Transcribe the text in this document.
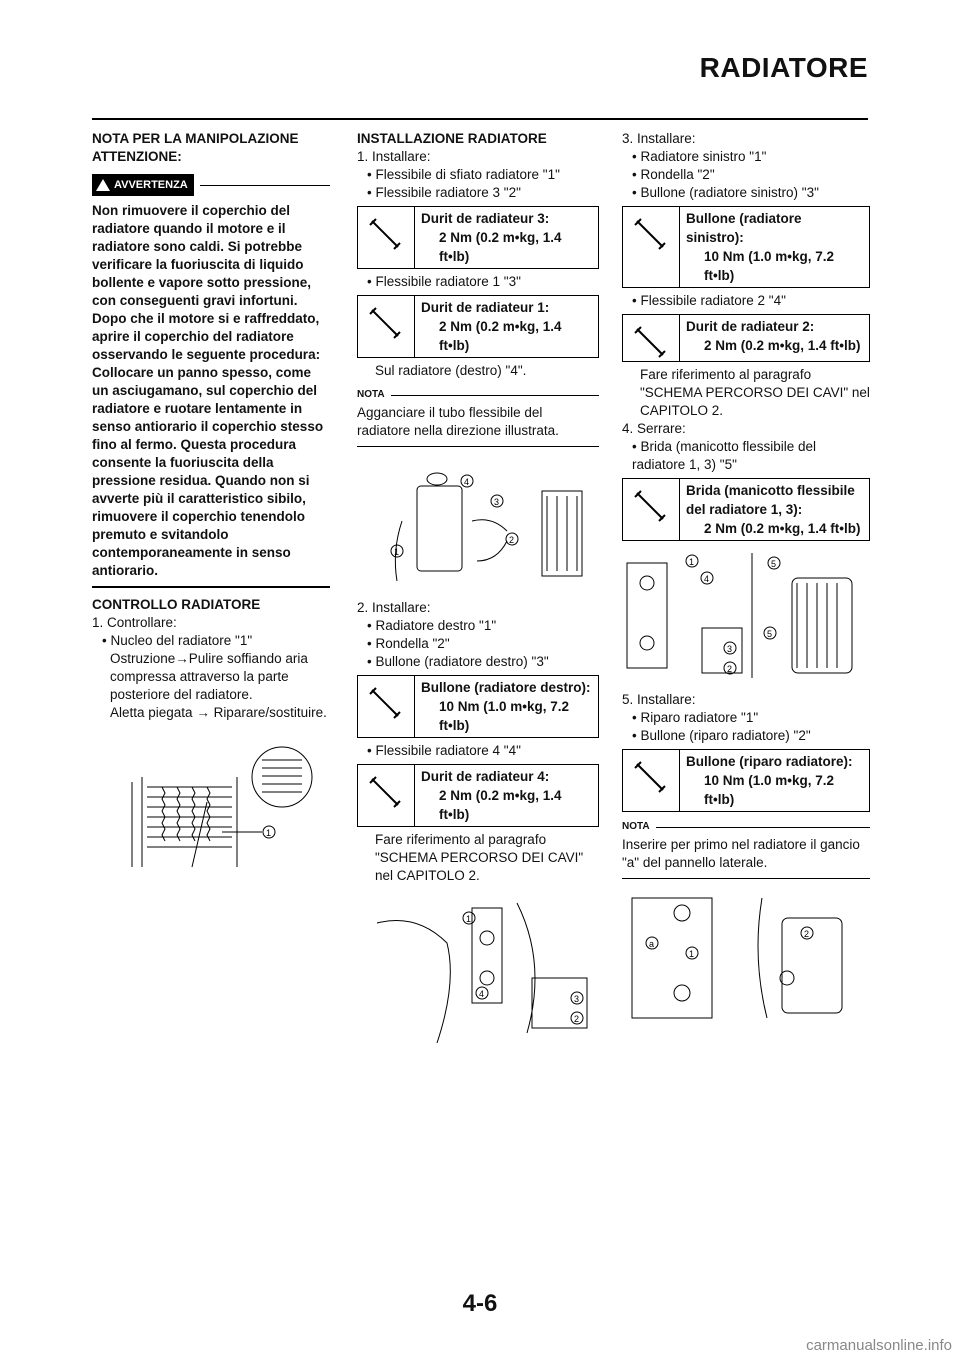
RADIATORE
NOTA PER LA MANIPOLAZIONE ATTENZIONE:
AVVERTENZA
Non rimuovere il coperchio del radiatore quando il motore e il radiatore sono caldi. Si potrebbe verificare la fuoriuscita di liquido bollente e vapore sotto pressione, con conseguenti gravi infortuni. Dopo che il motore si e raffreddato, aprire il coperchio del radiatore osservando le seguente procedura: Collocare un panno spesso, come un asciugamano, sul coperchio del radiatore e ruotare lentamente in senso antiorario il coperchio stesso fino al fermo. Questa procedura consente la fuoriuscita della pressione residua. Quando non si avverte più il caratteristico sibilo, rimuovere il coperchio tenendolo premuto e svitandolo contemporaneamente in senso antiorario.
CONTROLLO RADIATORE
1. Controllare:
• Nucleo del radiatore "1"
Ostruzione→Pulire soffiando aria compressa attraverso la parte posteriore del radiatore.
Aletta piegata → Riparare/sostituire.
1
INSTALLAZIONE RADIATORE
1. Installare:
• Flessibile di sfiato radiatore "1"
• Flessibile radiatore 3 "2"
Durit de radiateur 3:
2 Nm (0.2 m•kg, 1.4 ft•lb)
• Flessibile radiatore 1 "3"
Durit de radiateur 1:
2 Nm (0.2 m•kg, 1.4 ft•lb)
Sul radiatore (destro) "4".
NOTA
Agganciare il tubo flessibile del radiatore nella direzione illustrata.
4
3
2
1
2. Installare:
• Radiatore destro "1"
• Rondella "2"
• Bullone (radiatore destro) "3"
Bullone (radiatore destro):
10 Nm (1.0 m•kg, 7.2 ft•lb)
• Flessibile radiatore 4 "4"
Durit de radiateur 4:
2 Nm (0.2 m•kg, 1.4 ft•lb)
Fare riferimento al paragrafo "SCHEMA PERCORSO DEI CAVI" nel CAPITOLO 2.
1
4	3
2
3. Installare:
• Radiatore sinistro "1"
• Rondella "2"
• Bullone (radiatore sinistro) "3"
Bullone (radiatore sinistro):
10 Nm (1.0 m•kg, 7.2 ft•lb)
• Flessibile radiatore 2 "4"
Durit de radiateur 2:
2 Nm (0.2 m•kg, 1.4 ft•lb)
Fare riferimento al paragrafo "SCHEMA PERCORSO DEI CAVI" nel CAPITOLO 2.
4. Serrare:
• Brida (manicotto flessibile del radiatore 1, 3) "5"
Brida (manicotto flessibile del radiatore 1, 3):
2 Nm (0.2 m•kg, 1.4 ft•lb)
1
4
3
2
5
5
5. Installare:
• Riparo radiatore "1"
• Bullone (riparo radiatore) "2"
Bullone (riparo radiatore):
10 Nm (1.0 m•kg, 7.2 ft•lb)
NOTA
Inserire per primo nel radiatore il gancio "a" del pannello laterale.
a
1
2
4-6
carmanualsonline.info
